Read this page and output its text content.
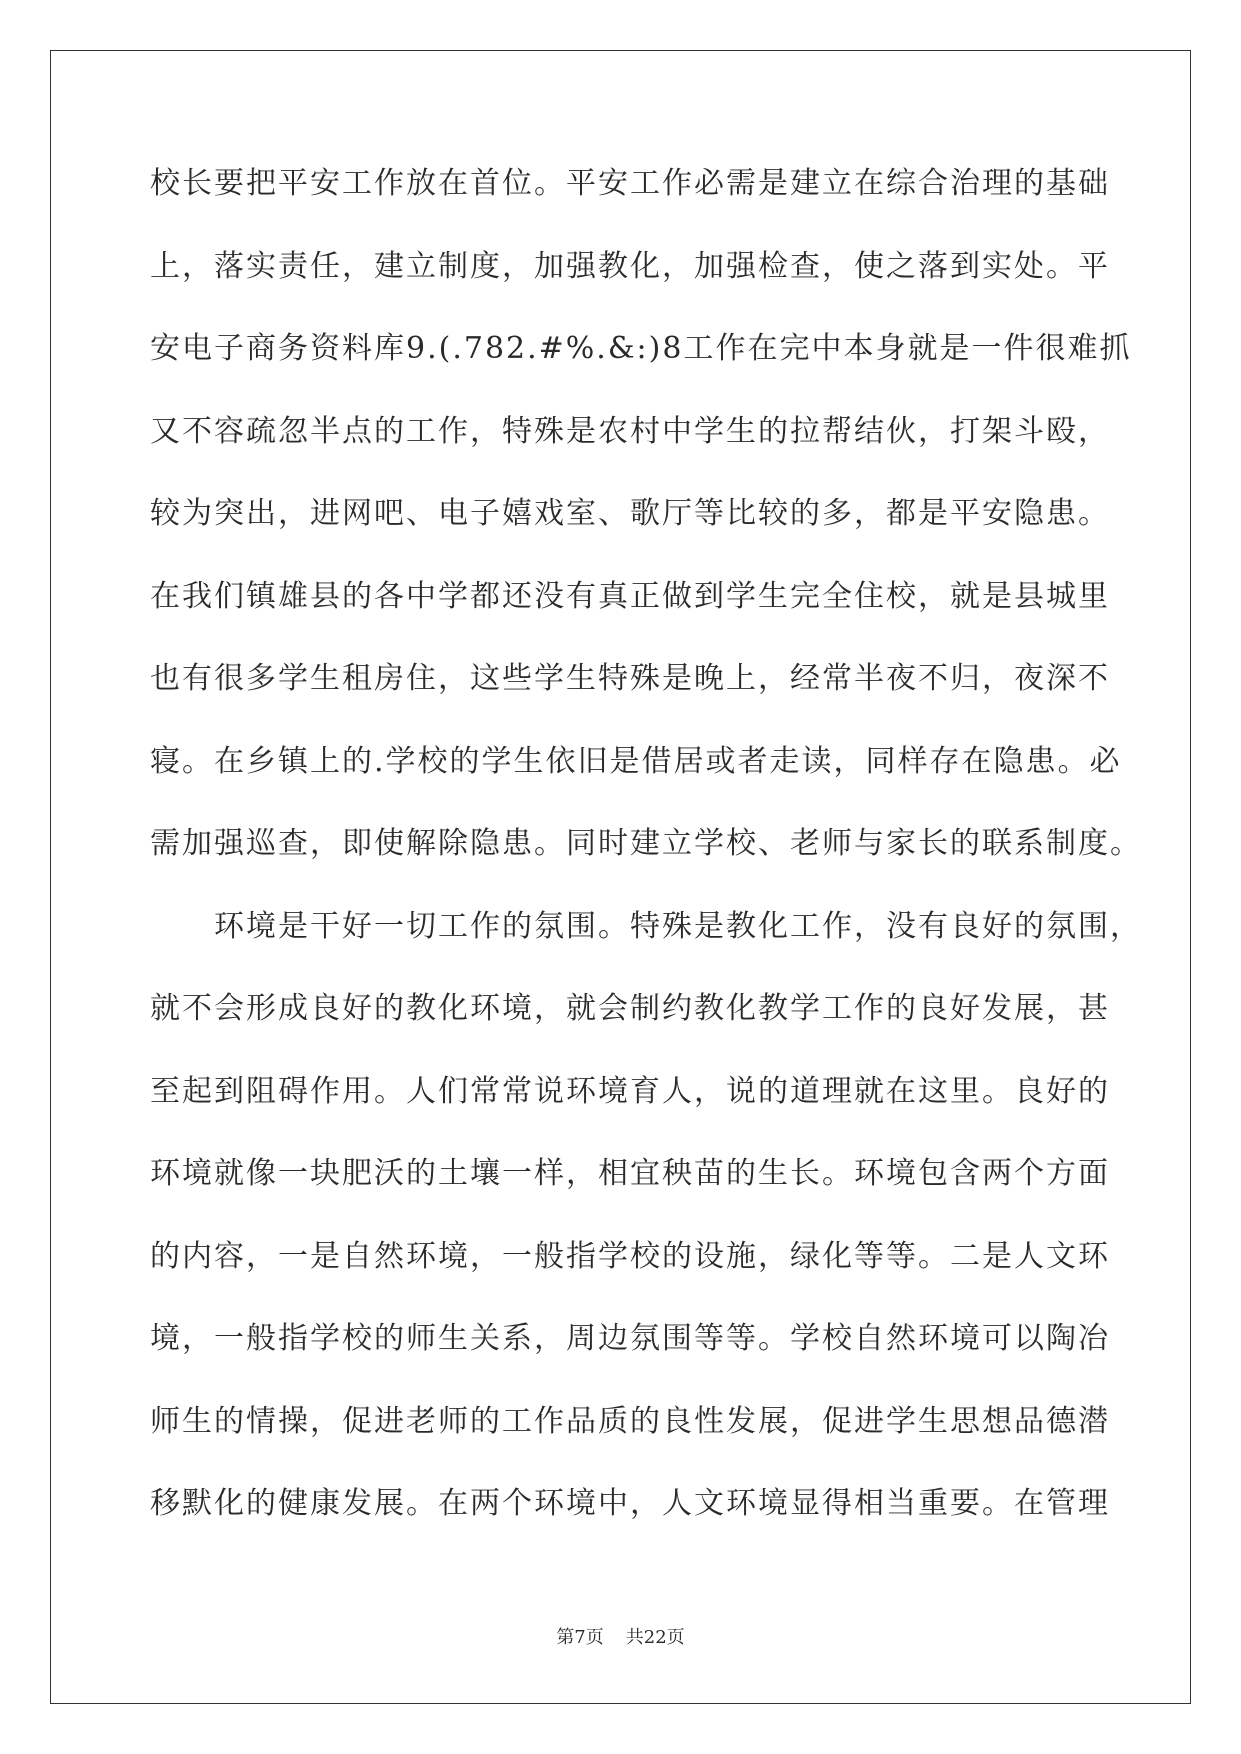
校长要把平安工作放在首位。平安工作必需是建立在综合治理的基础
上，落实责任，建立制度，加强教化，加强检查，使之落到实处。平
安电子商务资料库9.(.782.#%.&:)8工作在完中本身就是一件很难抓
又不容疏忽半点的工作，特殊是农村中学生的拉帮结伙，打架斗殴，
较为突出，进网吧、电子嬉戏室、歌厅等比较的多，都是平安隐患。
在我们镇雄县的各中学都还没有真正做到学生完全住校，就是县城里
也有很多学生租房住，这些学生特殊是晚上，经常半夜不归，夜深不
寝。在乡镇上的.学校的学生依旧是借居或者走读，同样存在隐患。必
需加强巡查，即使解除隐患。同时建立学校、老师与家长的联系制度。
　　环境是干好一切工作的氛围。特殊是教化工作，没有良好的氛围，
就不会形成良好的教化环境，就会制约教化教学工作的良好发展，甚
至起到阻碍作用。人们常常说环境育人，说的道理就在这里。良好的
环境就像一块肥沃的土壤一样，相宜秧苗的生长。环境包含两个方面
的内容，一是自然环境，一般指学校的设施，绿化等等。二是人文环
境，一般指学校的师生关系，周边氛围等等。学校自然环境可以陶冶
师生的情操，促进老师的工作品质的良性发展，促进学生思想品德潜
移默化的健康发展。在两个环境中，人文环境显得相当重要。在管理
第7页 共22页
